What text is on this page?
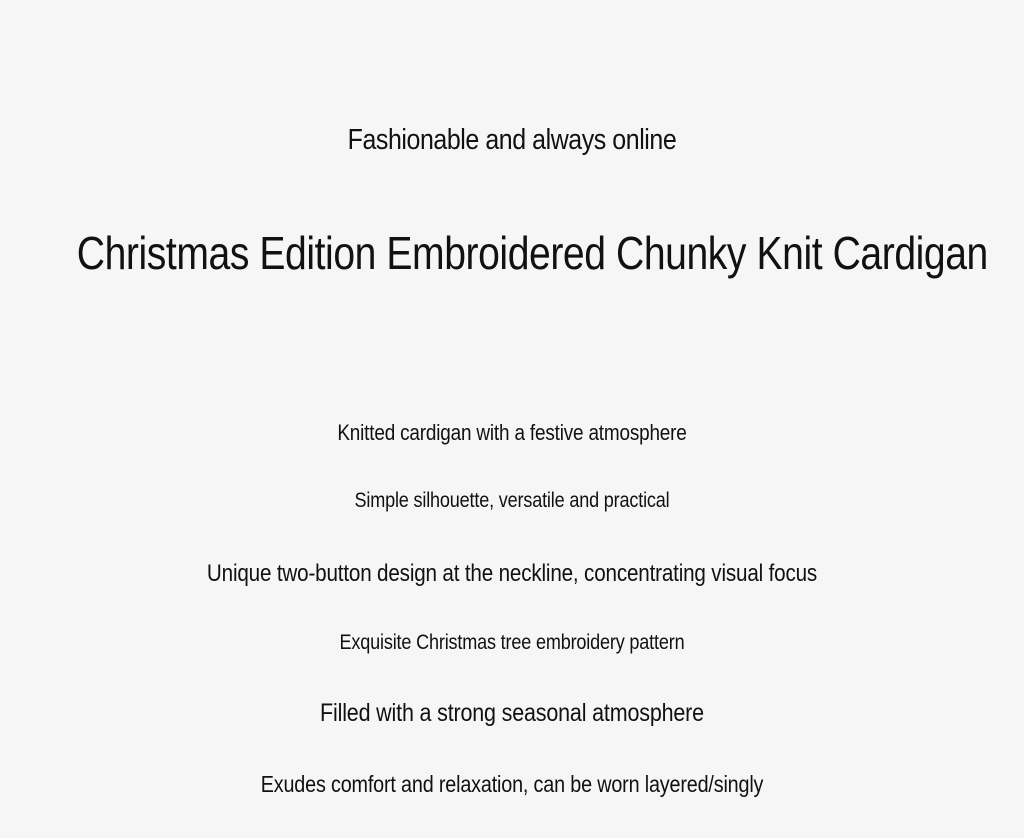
Fashionable and always online
Christmas Edition Embroidered Chunky Knit Cardigan
Knitted cardigan with a festive atmosphere
Simple silhouette, versatile and practical
Unique two-button design at the neckline, concentrating visual focus
Exquisite Christmas tree embroidery pattern
Filled with a strong seasonal atmosphere
Exudes comfort and relaxation, can be worn layered/singly
